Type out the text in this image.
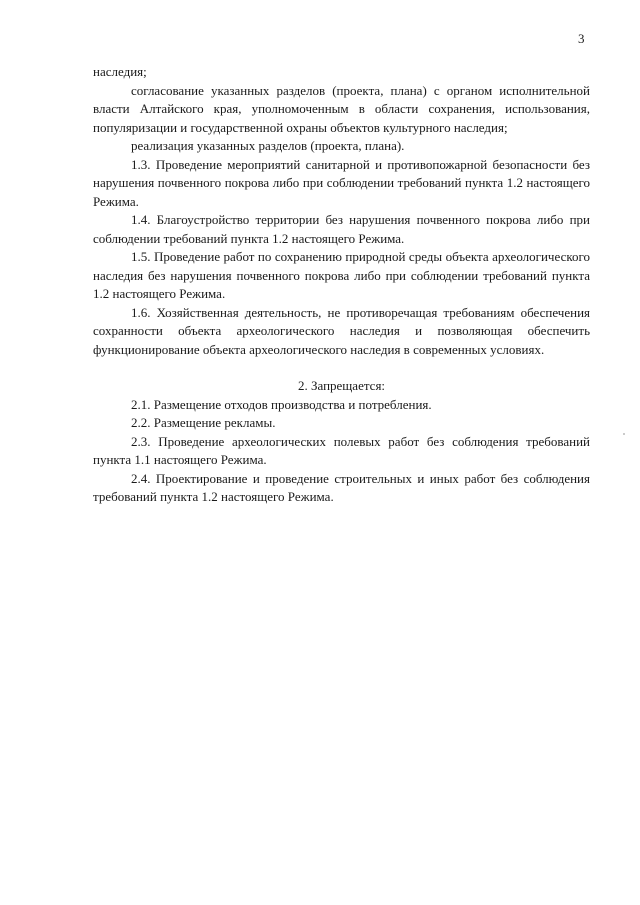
3

наследия;

согласование указанных разделов (проекта, плана) с органом исполнительной власти Алтайского края, уполномоченным в области сохранения, использования, популяризации и государственной охраны объектов культурного наследия;

реализация указанных разделов (проекта, плана).

1.3. Проведение мероприятий санитарной и противопожарной безопасности без нарушения почвенного покрова либо при соблюдении требований пункта 1.2 настоящего Режима.

1.4. Благоустройство территории без нарушения почвенного покрова либо при соблюдении требований пункта 1.2 настоящего Режима.

1.5. Проведение работ по сохранению природной среды объекта археологического наследия без нарушения почвенного покрова либо при соблюдении требований пункта 1.2 настоящего Режима.

1.6. Хозяйственная деятельность, не противоречащая требованиям обеспечения сохранности объекта археологического наследия и позволяющая обеспечить функционирование объекта археологического наследия в современных условиях.

2. Запрещается:

2.1. Размещение отходов производства и потребления.

2.2. Размещение рекламы.

2.3. Проведение археологических полевых работ без соблюдения требований пункта 1.1 настоящего Режима.

2.4. Проектирование и проведение строительных и иных работ без соблюдения требований пункта 1.2 настоящего Режима.
